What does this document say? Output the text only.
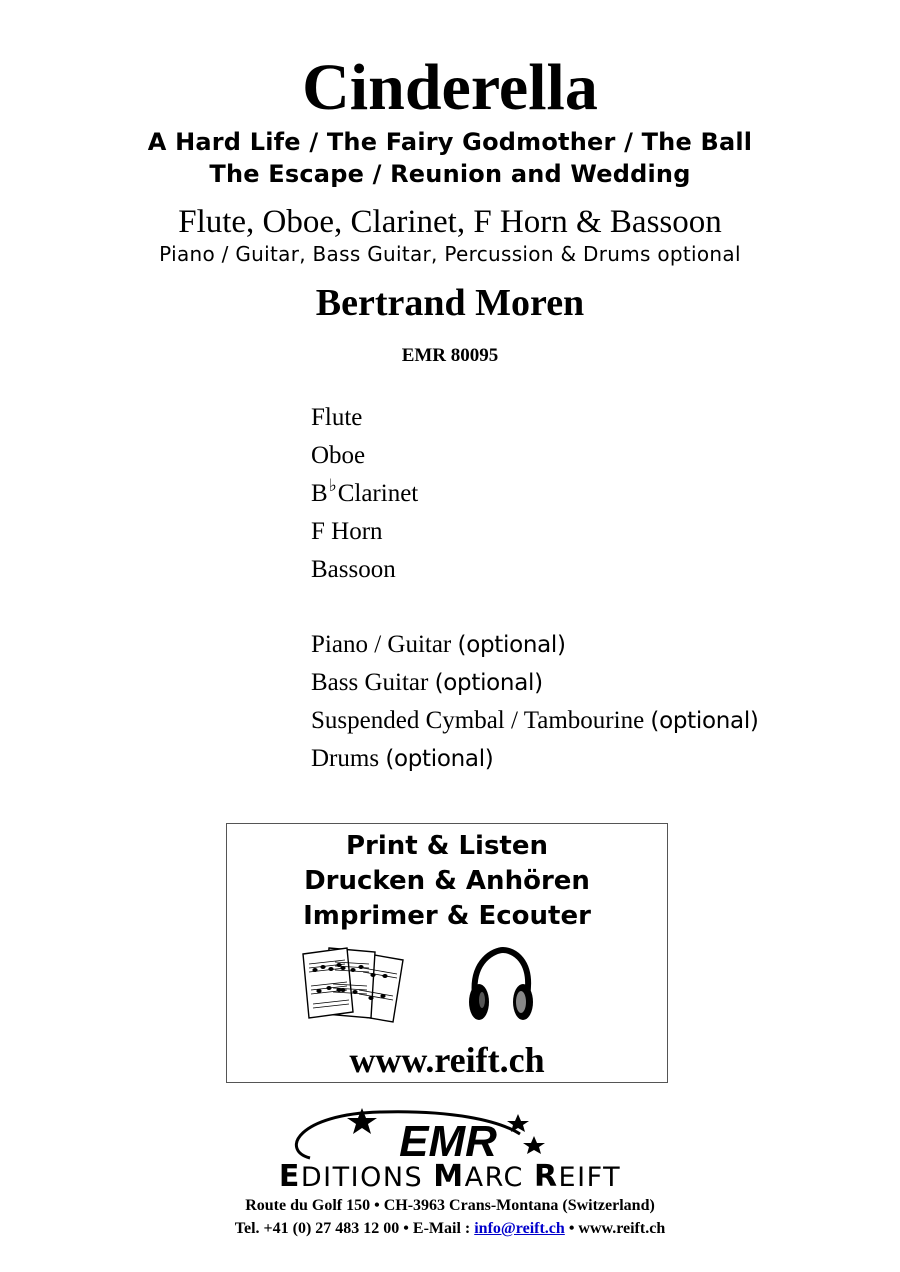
Cinderella
A Hard Life / The Fairy Godmother / The Ball
The Escape / Reunion and Wedding
Flute, Oboe, Clarinet, F Horn & Bassoon
Piano / Guitar, Bass Guitar, Percussion & Drums optional
Bertrand Moren
EMR 80095
Flute
Oboe
B♭Clarinet
F Horn
Bassoon
Piano / Guitar (optional)
Bass Guitar (optional)
Suspended Cymbal / Tambourine (optional)
Drums (optional)
Print & Listen
Drucken & Anhören
Imprimer & Ecouter
www.reift.ch
EMR
EDITIONS MARC REIFT
Route du Golf 150 • CH-3963 Crans-Montana (Switzerland)
Tel. +41 (0) 27 483 12 00 • E-Mail : info@reift.ch • www.reift.ch
